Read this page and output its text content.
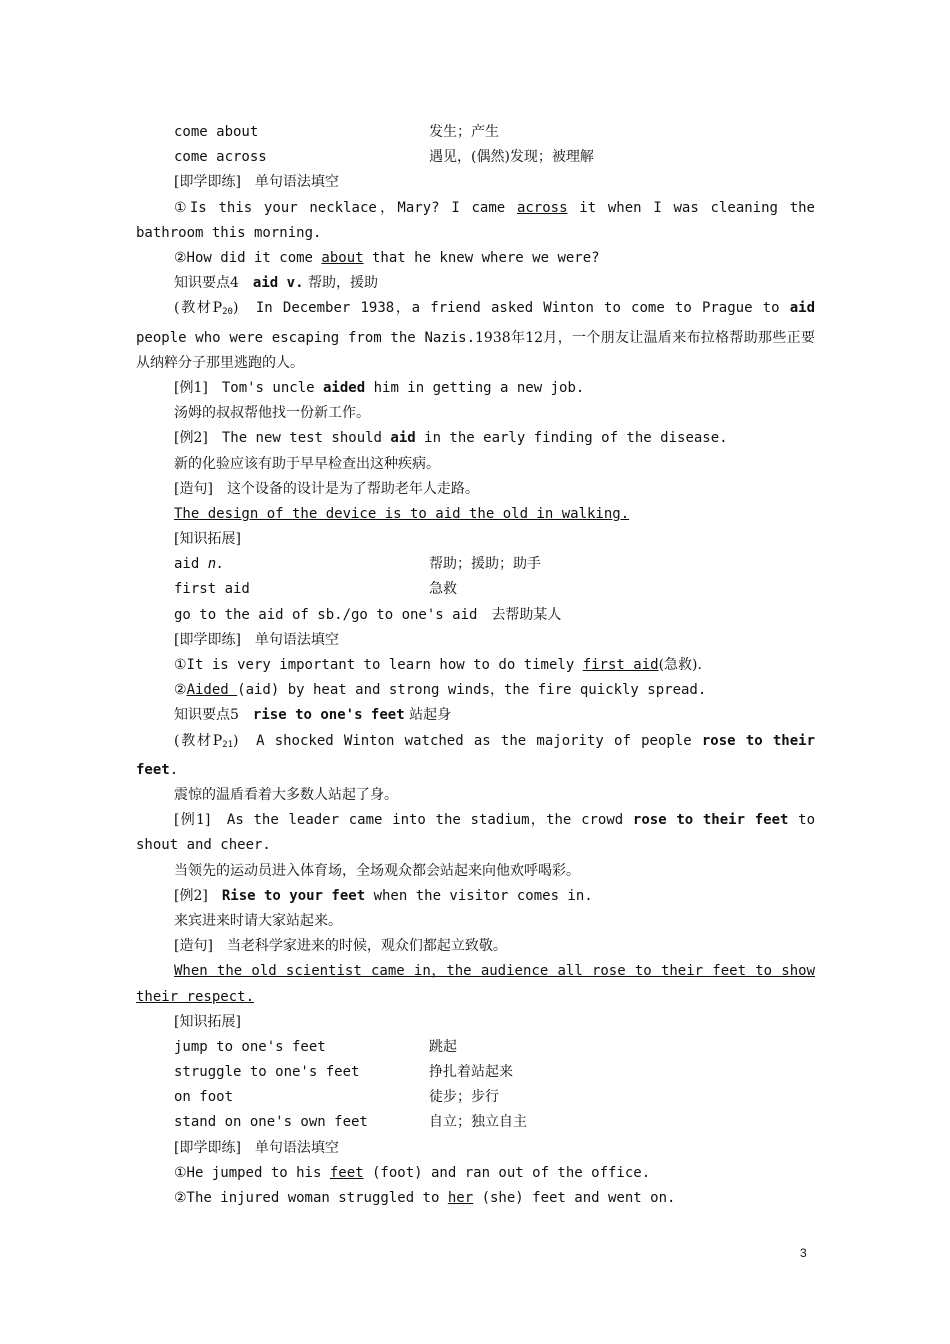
come about	发生；产生
come across	遇见，(偶然)发现；被理解
[即学即练]　单句语法填空
①Is this your necklace，Mary? I came across it when I was cleaning the bathroom this morning.
②How did it come about that he knew where we were?
知识要点4　aid v. 帮助，援助
(教材$P_{20}$)　In December 1938，a friend asked Winton to come to Prague to aid people who were escaping from the Nazis.1938年12月，一个朋友让温盾来布拉格帮助那些正要从纳粹分子那里逃跑的人。
[例1]　Tom's uncle aided him in getting a new job.
汤姆的叔叔帮他找一份新工作。
[例2]　The new test should aid in the early finding of the disease.
新的化验应该有助于早早检查出这种疾病。
[造句]　这个设备的设计是为了帮助老年人走路。
The design of the device is to aid the old in walking.
[知识拓展]
aid n.	帮助；援助；助手
first aid	急救
go to the aid of sb./go to one's aid　 去帮助某人
[即学即练]　单句语法填空
①It is very important to learn how to do timely first aid(急救).
②Aided (aid) by heat and strong winds，the fire quickly spread.
知识要点5　rise to one's feet 站起身
(教材$P_{21}$)　A shocked Winton watched as the majority of people rose to their feet.
震惊的温盾看着大多数人站起了身。
[例1]　As the leader came into the stadium，the crowd rose to their feet to shout and cheer.
当领先的运动员进入体育场，全场观众都会站起来向他欢呼喝彩。
[例2]　Rise to your feet when the visitor comes in.
来宾进来时请大家站起来。
[造句]　当老科学家进来的时候，观众们都起立致敬。
When the old scientist came in，the audience all rose to their feet to show their respect.
[知识拓展]
jump to one's feet	跳起
struggle to one's feet	挣扎着站起来
on foot	徒步；步行
stand on one's own feet	自立；独立自主
[即学即练]　单句语法填空
①He jumped to his feet (foot) and ran out of the office.
②The injured woman struggled to her (she) feet and went on.
3
